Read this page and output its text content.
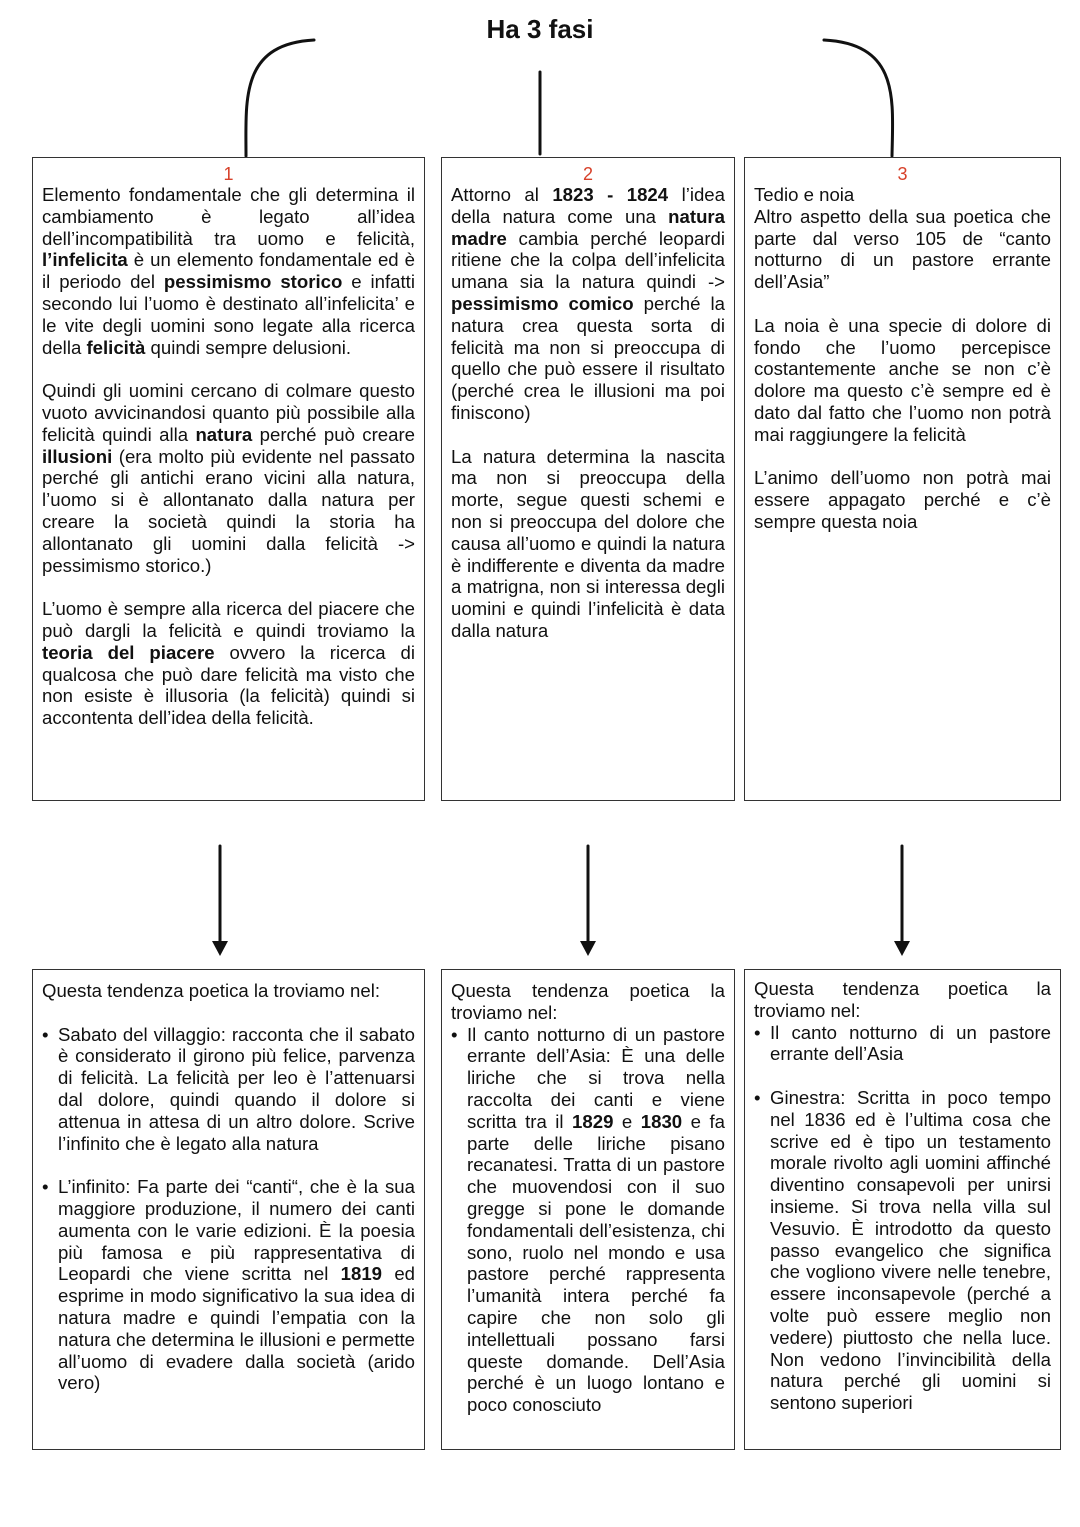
Ha 3 fasi
1

Elemento fondamentale che gli determina il cambiamento è legato all’idea dell’incompatibilità tra uomo e felicità, l’infelicita è un elemento fondamentale ed è il periodo del pessimismo storico e infatti secondo lui l’uomo è destinato all’infelicita’ e le vite degli uomini sono legate alla ricerca della felicità quindi sempre delusioni.

Quindi gli uomini cercano di colmare questo vuoto avvicinandosi quanto più possibile alla felicità quindi alla natura perché può creare illusioni (era molto più evidente nel passato perché gli antichi erano vicini alla natura, l’uomo si è allontanato dalla natura per creare la società quindi la storia ha allontanato gli uomini dalla felicità -> pessimismo storico.)

L’uomo è sempre alla ricerca del piacere che può dargli la felicità e quindi troviamo la teoria del piacere ovvero la ricerca di qualcosa che può dare felicità ma visto che non esiste è illusoria (la felicità) quindi si accontenta dell’idea della felicità.

2

Attorno al 1823 - 1824 l’idea della natura come una natura madre cambia perché leopardi ritiene che la colpa dell’infelicita umana sia la natura quindi -> pessimismo comico perché la natura crea questa sorta di felicità ma non si preoccupa di quello che può essere il risultato (perché crea le illusioni ma poi finiscono)

La natura determina la nascita ma non si preoccupa della morte, segue questi schemi e non si preoccupa del dolore che causa all’uomo e quindi la natura è indifferente e diventa da madre a matrigna, non si interessa degli uomini e quindi l’infelicità è data dalla natura

3

Tedio e noia
Altro aspetto della sua poetica che parte dal verso 105 de “canto notturno di un pastore errante dell’Asia”

La noia è una specie di dolore di fondo che l’uomo percepisce costantemente anche se non c’è dolore ma questo c’è sempre ed è dato dal fatto che l’uomo non potrà mai raggiungere la felicità

L’animo dell’uomo non potrà mai essere appagato perché e c’è sempre questa noia

Questa tendenza poetica la troviamo nel:

• Sabato del villaggio: racconta che il sabato è considerato il girono più felice, parvenza di felicità. La felicità per leo è l’attenuarsi dal dolore, quindi quando il dolore si attenua in attesa di un altro dolore. Scrive l’infinito che è legato alla natura
• L’infinito: Fa parte dei “canti“, che è la sua maggiore produzione, il numero dei canti aumenta con le varie edizioni. È la poesia più famosa e più rappresentativa di Leopardi che viene scritta nel 1819 ed esprime in modo significativo la sua idea di natura madre e quindi l’empatia con la natura che determina le illusioni e permette all’uomo di evadere dalla società (arido vero)

Questa tendenza poetica la troviamo nel:

• Il canto notturno di un pastore errante dell’Asia: È una delle liriche che si trova nella raccolta dei canti e viene scritta tra il 1829 e 1830 e fa parte delle liriche pisano recanatesi. Tratta di un pastore che muovendosi con il suo gregge si pone le domande fondamentali dell’esistenza, chi sono, ruolo nel mondo e usa pastore perché rappresenta l’umanità intera perché fa capire che non solo gli intellettuali possano farsi queste domande. Dell’Asia perché è un luogo lontano e poco conosciuto

Questa tendenza poetica la troviamo nel:

• Il canto notturno di un pastore errante dell’Asia
• Ginestra: Scritta in poco tempo nel 1836 ed è l’ultima cosa che scrive ed è tipo un testamento morale rivolto agli uomini affinché diventino consapevoli per unirsi insieme. Si trova nella villa sul Vesuvio. È introdotto da questo passo evangelico che significa che vogliono vivere nelle tenebre, essere inconsapevole (perché a volte può essere meglio non vedere) piuttosto che nella luce. Non vedono l’invincibilità della natura perché gli uomini si sentono superiori
